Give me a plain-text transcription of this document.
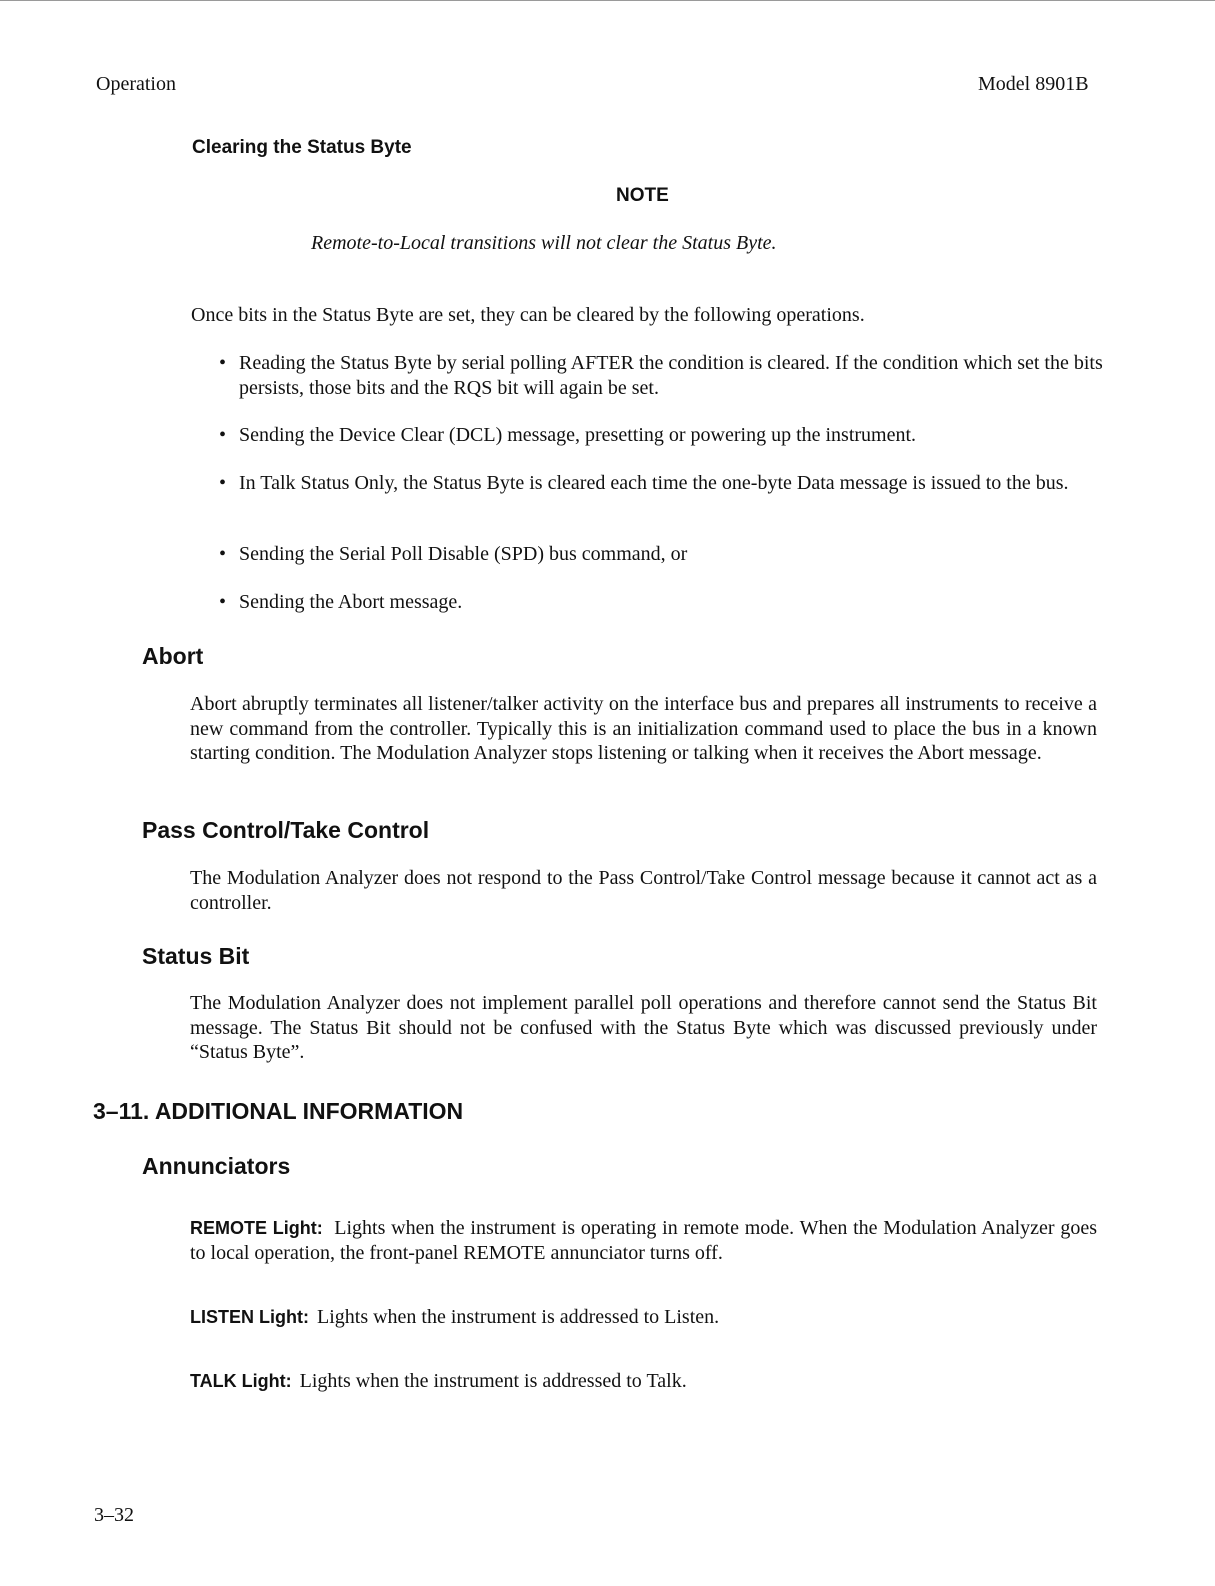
Operation	Model 8901B
Clearing the Status Byte
NOTE
Remote-to-Local transitions will not clear the Status Byte.
Once bits in the Status Byte are set, they can be cleared by the following operations.
• Reading the Status Byte by serial polling AFTER the condition is cleared. If the condition which set the bits persists, those bits and the RQS bit will again be set.
• Sending the Device Clear (DCL) message, presetting or powering up the instrument.
• In Talk Status Only, the Status Byte is cleared each time the one-byte Data message is issued to the bus.
• Sending the Serial Poll Disable (SPD) bus command, or
• Sending the Abort message.
Abort

Abort abruptly terminates all listener/talker activity on the interface bus and prepares all instruments to receive a new command from the controller. Typically this is an initialization command used to place the bus in a known starting condition. The Modulation Analyzer stops listening or talking when it receives the Abort message.

Pass Control/Take Control

The Modulation Analyzer does not respond to the Pass Control/Take Control message because it cannot act as a controller.

Status Bit

The Modulation Analyzer does not implement parallel poll operations and therefore cannot send the Status Bit message. The Status Bit should not be confused with the Status Byte which was discussed previously under “Status Byte”.

3–11. ADDITIONAL INFORMATION
Annunciators
REMOTE Light: Lights when the instrument is operating in remote mode. When the Modulation Analyzer goes to local operation, the front-panel REMOTE annunciator turns off.
LISTEN Light: Lights when the instrument is addressed to Listen.
TALK Light: Lights when the instrument is addressed to Talk.
3–32
